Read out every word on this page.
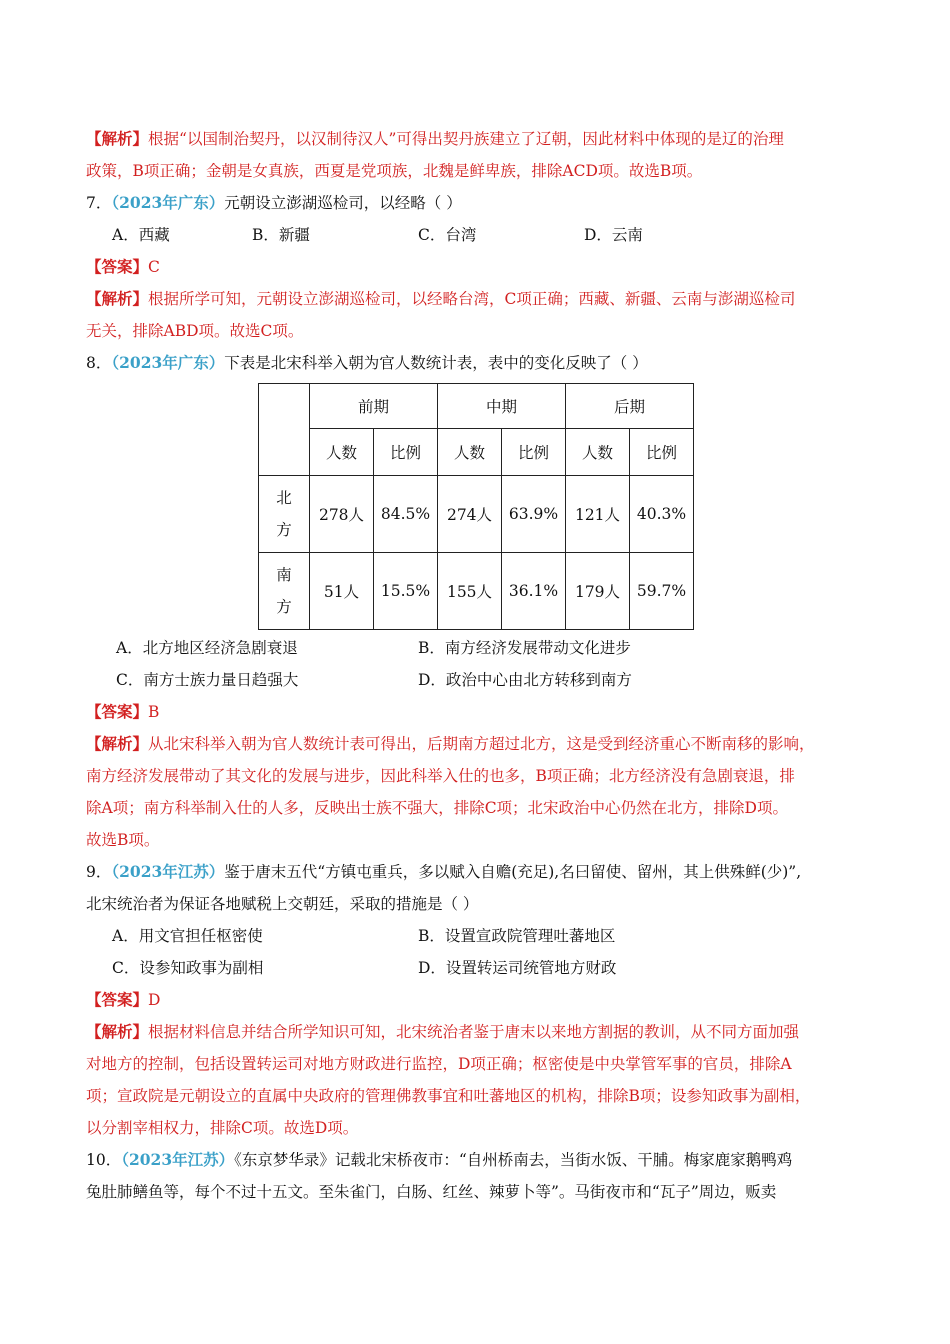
【解析】根据“以国制治契丹，以汉制待汉人”可得出契丹族建立了辽朝，因此材料中体现的是辽的治理
政策，B项正确；金朝是女真族，西夏是党项族，北魏是鲜卑族，排除ACD项。故选B项。
7．（2023年广东）元朝设立澎湖巡检司，以经略（ ）
A．西藏	B．新疆	C．台湾	D．云南
【答案】C
【解析】根据所学可知，元朝设立澎湖巡检司，以经略台湾，C项正确；西藏、新疆、云南与澎湖巡检司
无关，排除ABD项。故选C项。
8．（2023年广东）下表是北宋科举入朝为官人数统计表，表中的变化反映了（ ）
	前期		中期		后期	
	人数	比例	人数	比例	人数	比例

北
方	278人	84.5%	274人	63.9%	121人	40.3%

南
方	51人	15.5%	155人	36.1%	179人	59.7%
A．北方地区经济急剧衰退	B．南方经济发展带动文化进步
C．南方士族力量日趋强大	D．政治中心由北方转移到南方
【答案】B
【解析】从北宋科举入朝为官人数统计表可得出，后期南方超过北方，这是受到经济重心不断南移的影响，
南方经济发展带动了其文化的发展与进步，因此科举入仕的也多，B项正确；北方经济没有急剧衰退，排
除A项；南方科举制入仕的人多，反映出士族不强大，排除C项；北宋政治中心仍然在北方，排除D项。
故选B项。
9．（2023年江苏）鉴于唐末五代“方镇屯重兵，多以赋入自赡(充足),名曰留使、留州，其上供殊鲜(少)”,
北宋统治者为保证各地赋税上交朝廷，采取的措施是（ ）
A．用文官担任枢密使	B．设置宣政院管理吐蕃地区
C．设参知政事为副相	D．设置转运司统管地方财政
【答案】D
【解析】根据材料信息并结合所学知识可知，北宋统治者鉴于唐末以来地方割据的教训，从不同方面加强
对地方的控制，包括设置转运司对地方财政进行监控，D项正确；枢密使是中央掌管军事的官员，排除A
项；宣政院是元朝设立的直属中央政府的管理佛教事宜和吐蕃地区的机构，排除B项；设参知政事为副相，
以分割宰相权力，排除C项。故选D项。
10．（2023年江苏）《东京梦华录》记载北宋桥夜市：“自州桥南去，当街水饭、干脯。梅家鹿家鹅鸭鸡
兔肚肺鳝鱼等，每个不过十五文。至朱雀门，白肠、红丝、辣萝卜等”。马街夜市和“瓦子”周边，贩卖
